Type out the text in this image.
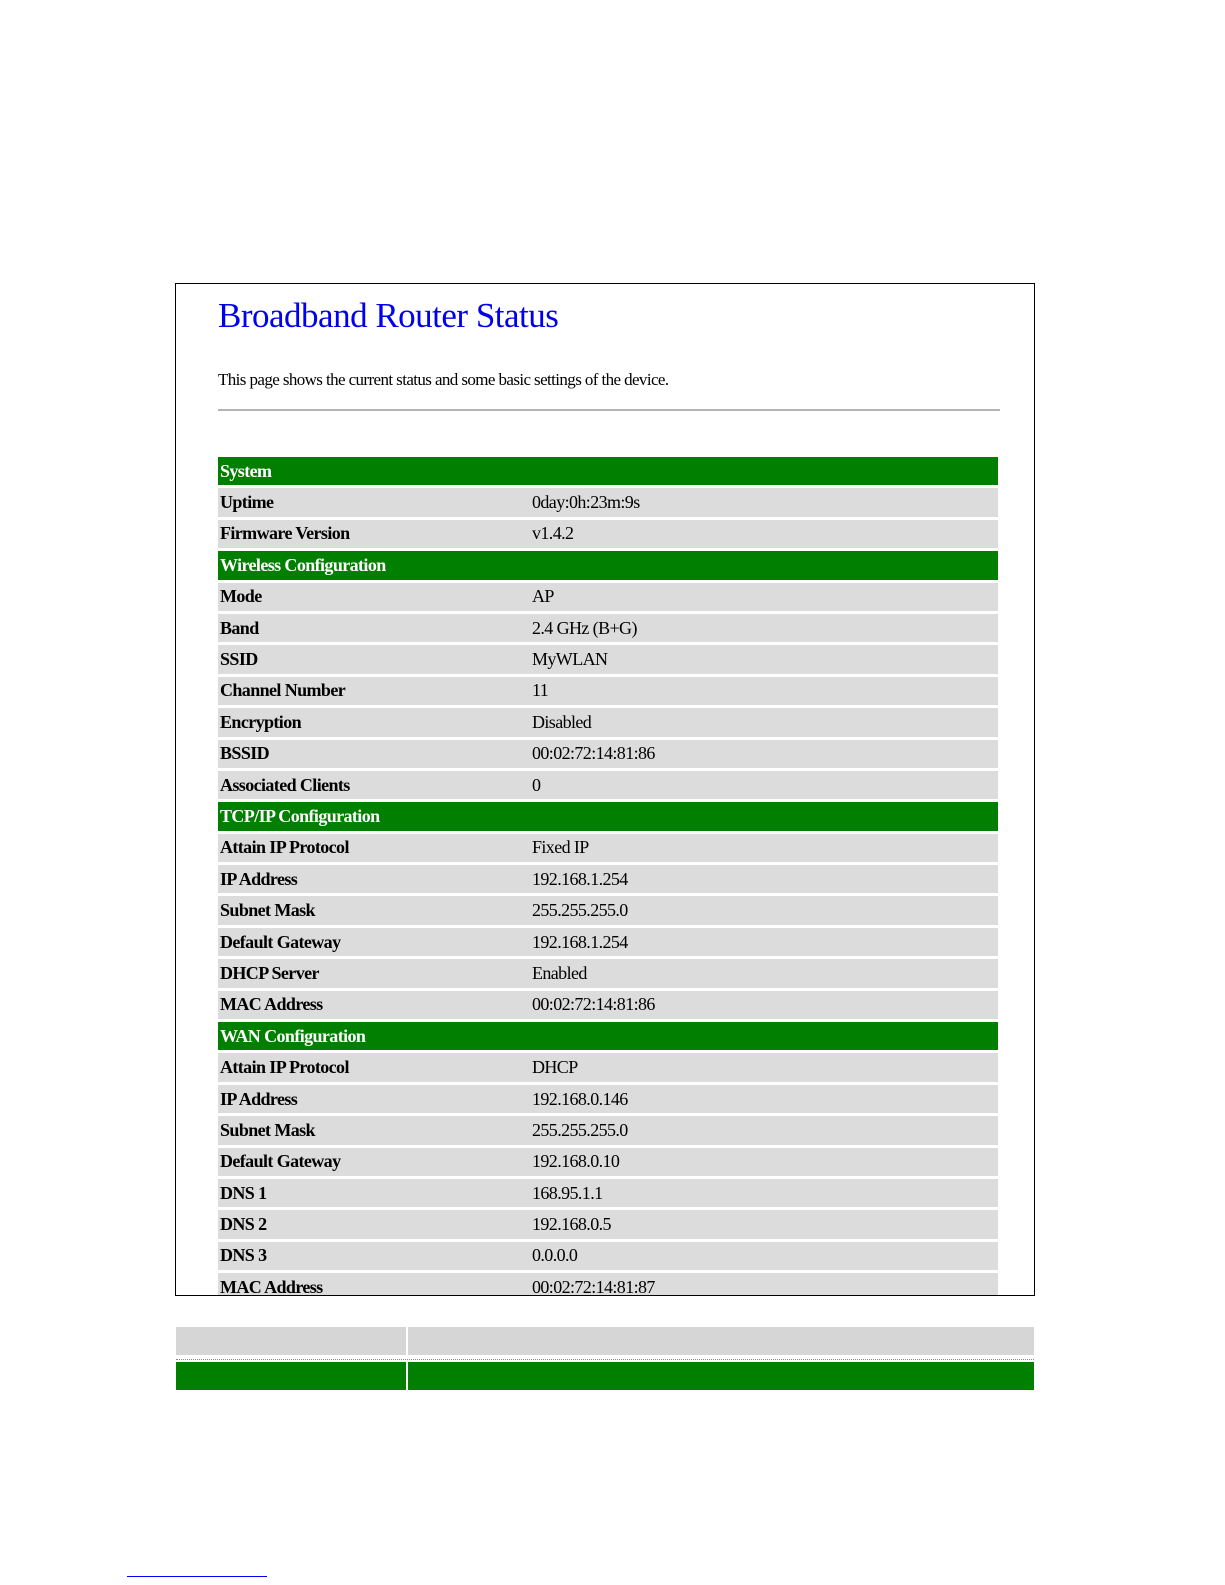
Broadband Router Status
This page shows the current status and some basic settings of the device.
System	
Uptime	0day:0h:23m:9s
Firmware Version	v1.4.2
Wireless Configuration	
Mode	AP
Band	2.4 GHz (B+G)
SSID	MyWLAN
Channel Number	11
Encryption	Disabled
BSSID	00:02:72:14:81:86
Associated Clients	0
TCP/IP Configuration	
Attain IP Protocol	Fixed IP
IP Address	192.168.1.254
Subnet Mask	255.255.255.0
Default Gateway	192.168.1.254
DHCP Server	Enabled
MAC Address	00:02:72:14:81:86
WAN Configuration	
Attain IP Protocol	DHCP
IP Address	192.168.0.146
Subnet Mask	255.255.255.0
Default Gateway	192.168.0.10
DNS 1	168.95.1.1
DNS 2	192.168.0.5
DNS 3	0.0.0.0
MAC Address	00:02:72:14:81:87
